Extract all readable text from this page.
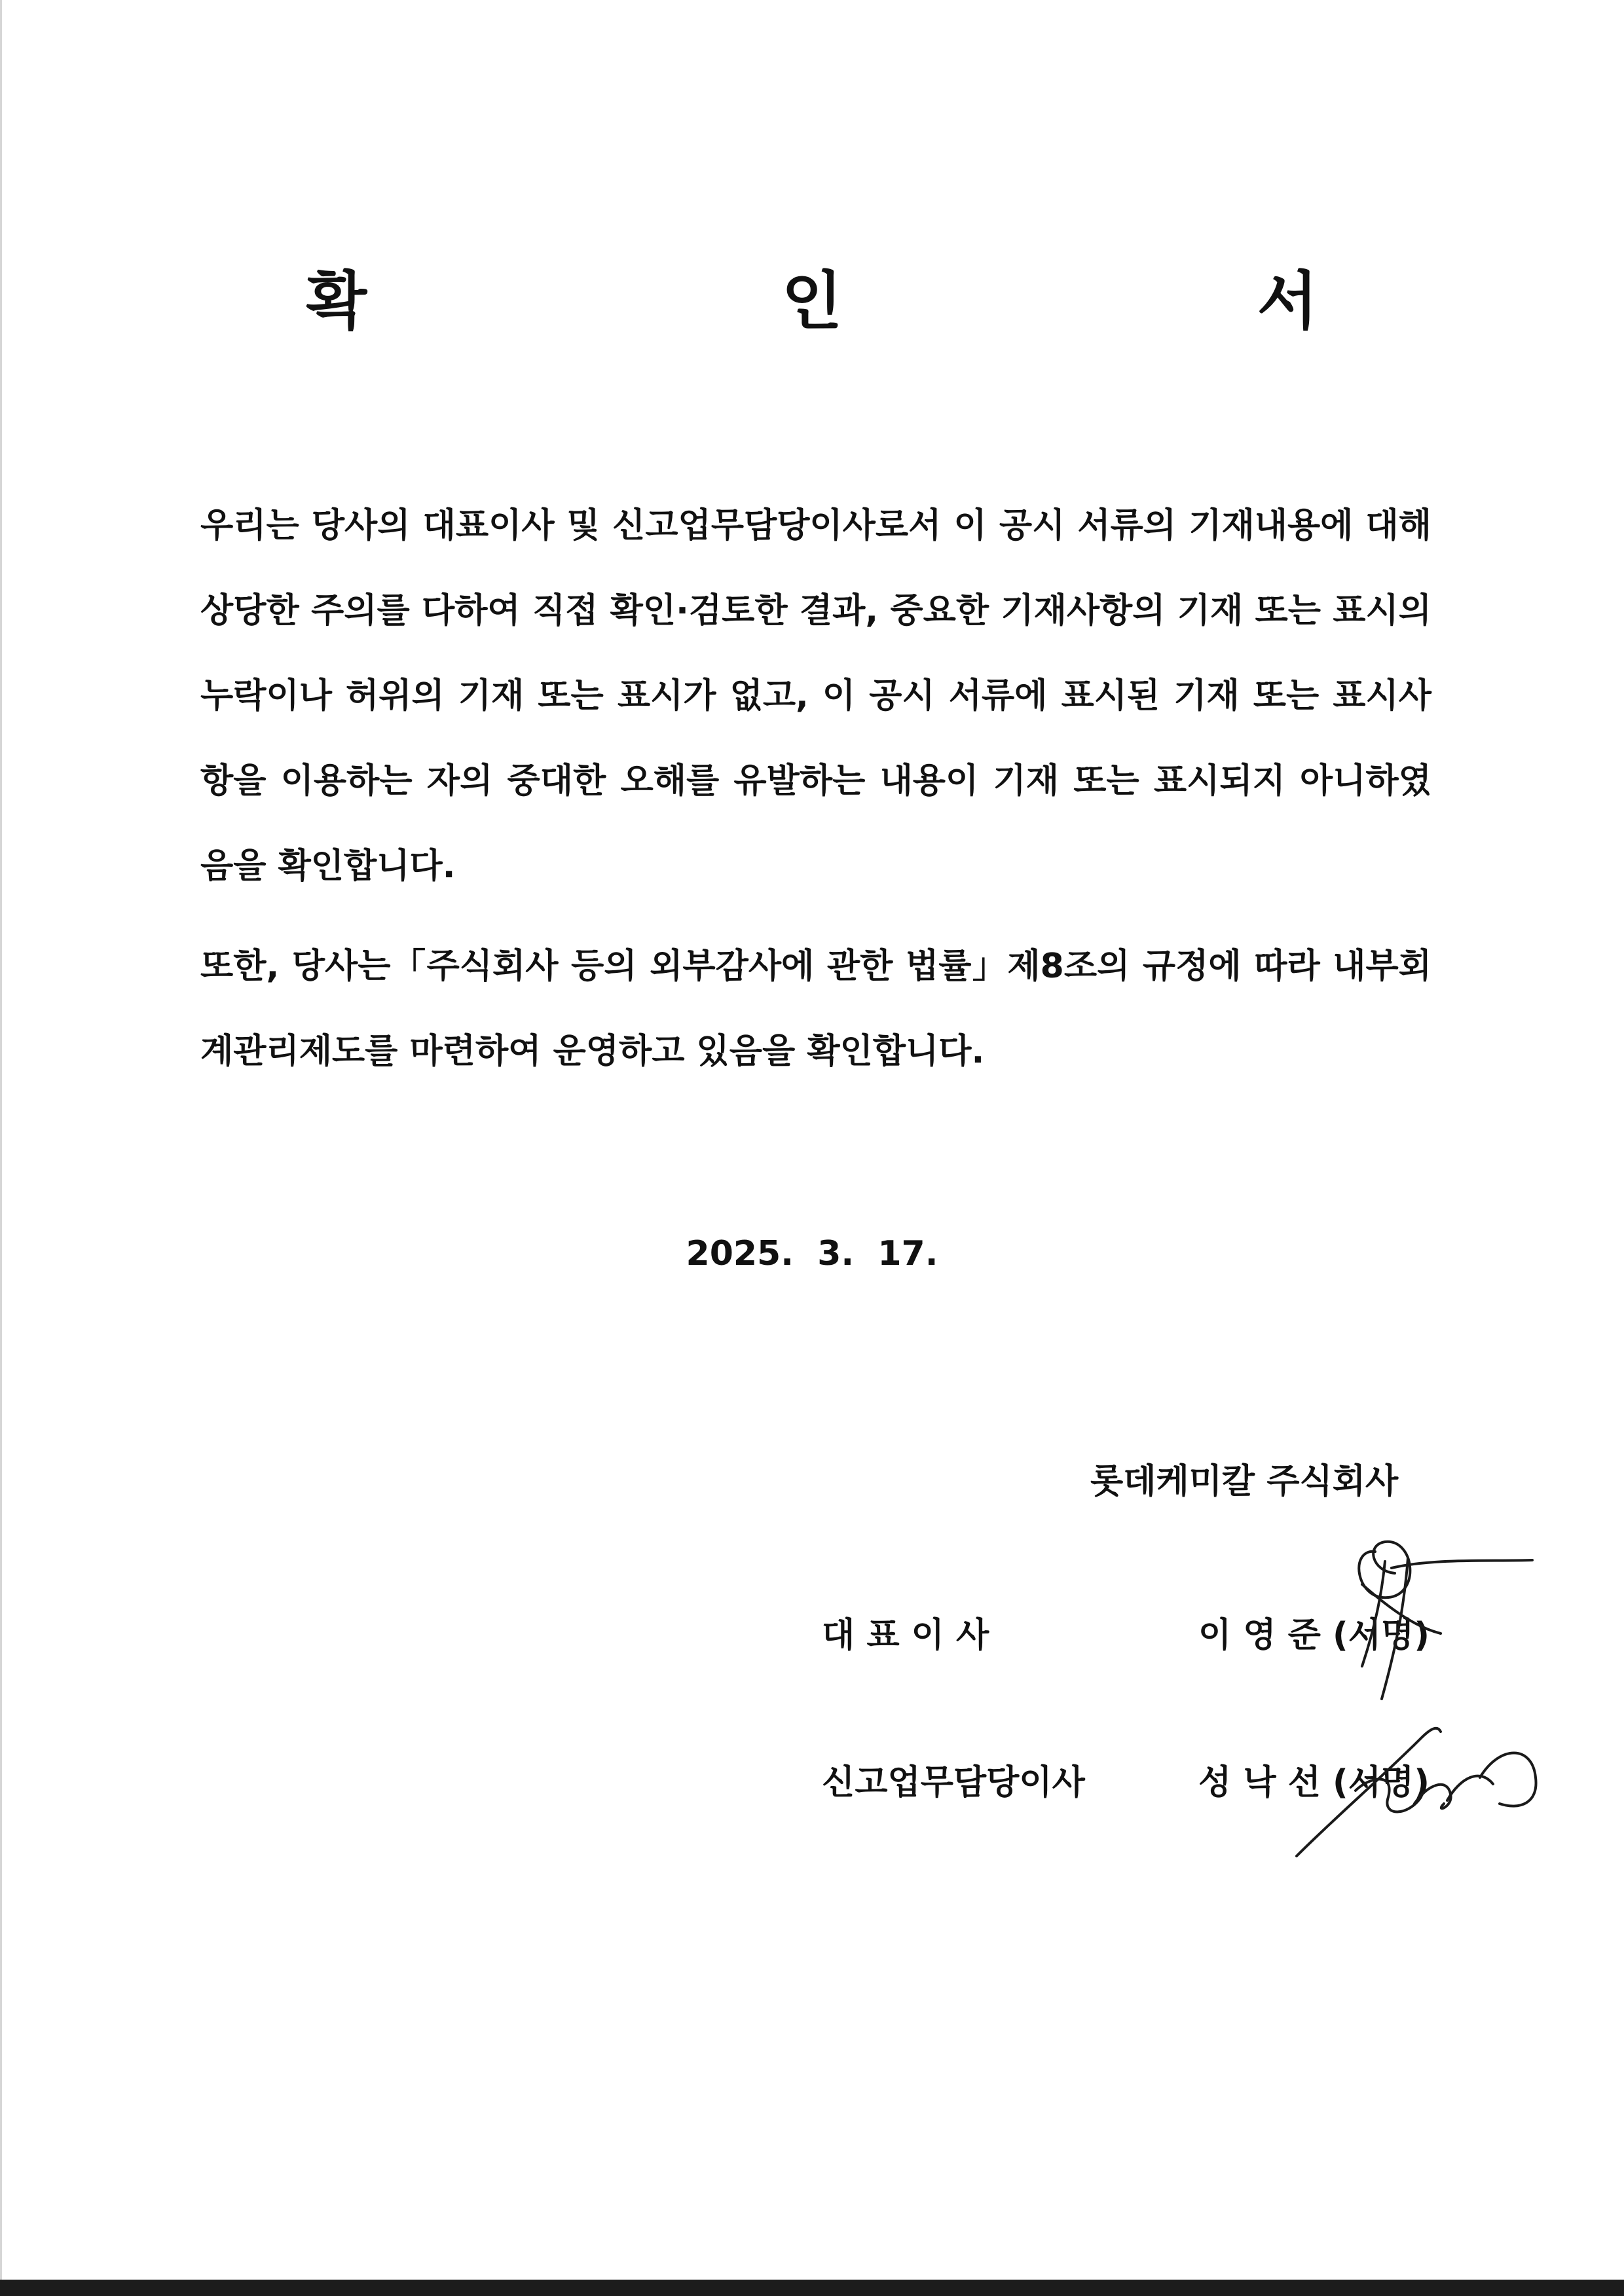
확 인 서

우리는 당사의 대표이사 및 신고업무담당이사로서 이 공시 서류의 기재내용에 대해 상당한 주의를 다하여 직접 확인·검토한 결과, 중요한 기재사항의 기재 또는 표시의 누락이나 허위의 기재 또는 표시가 없고, 이 공시 서류에 표시된 기재 또는 표시사항을 이용하는 자의 중대한 오해를 유발하는 내용이 기재 또는 표시되지 아니하였음을 확인합니다.

또한, 당사는「주식회사 등의 외부감사에 관한 법률」제8조의 규정에 따라 내부회계관리제도를 마련하여 운영하고 있음을 확인합니다.

2025.  3.  17.
롯데케미칼 주식회사
대 표 이 사	이 영 준 (서명)
신고업무담당이사	성 낙 선 (서명)
